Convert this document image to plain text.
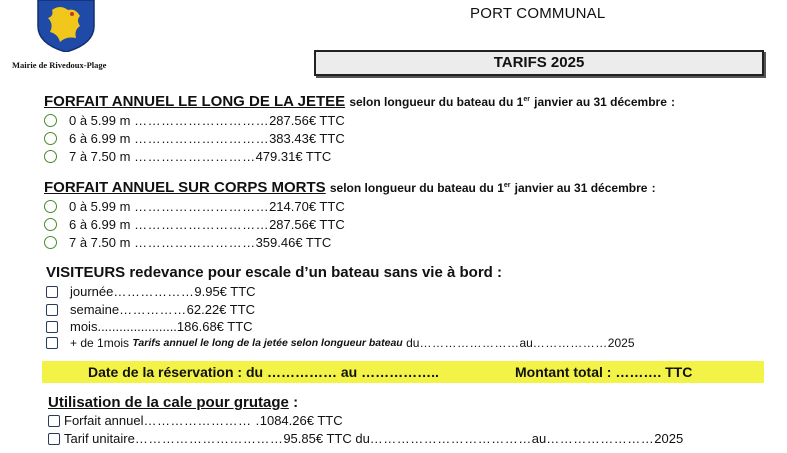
Mairie de Rivedoux-Plage
PORT COMMUNAL
TARIFS 2025
FORFAIT ANNUEL LE LONG DE LA JETEE selon longueur du bateau du 1er janvier au 31 décembre :
0 à 5.99 m
………………………… 287.56€ TTC
6 à 6.99 m
………………………… 383.43€ TTC
7 à 7.50 m
……………………… 479.31€ TTC
FORFAIT ANNUEL SUR CORPS MORTS selon longueur du bateau du 1er janvier au 31 décembre :
0 à 5.99 m
………………………… 214.70€ TTC
6 à 6.99 m
………………………… 287.56€ TTC
7 à 7.50 m
……………………… 359.46€ TTC
VISITEURS redevance pour escale d’un bateau sans vie à bord :
journée ……………… 9.95€ TTC
semaine …………… 62.22€ TTC
mois ...................... 186.68€ TTC
+ de 1mois
Tarifs annuel le long de la jetée selon longueur bateau
du …………………… au ……………… 2025
Date de la réservation : du …………… au ……………..	Montant total : ………. TTC
Utilisation de la cale pour grutage :
Forfait annuel …………………… . 1084.26€ TTC
Tarif unitaire …………………………… 95.85€ TTC du ……………………………… au …………………… 2025
